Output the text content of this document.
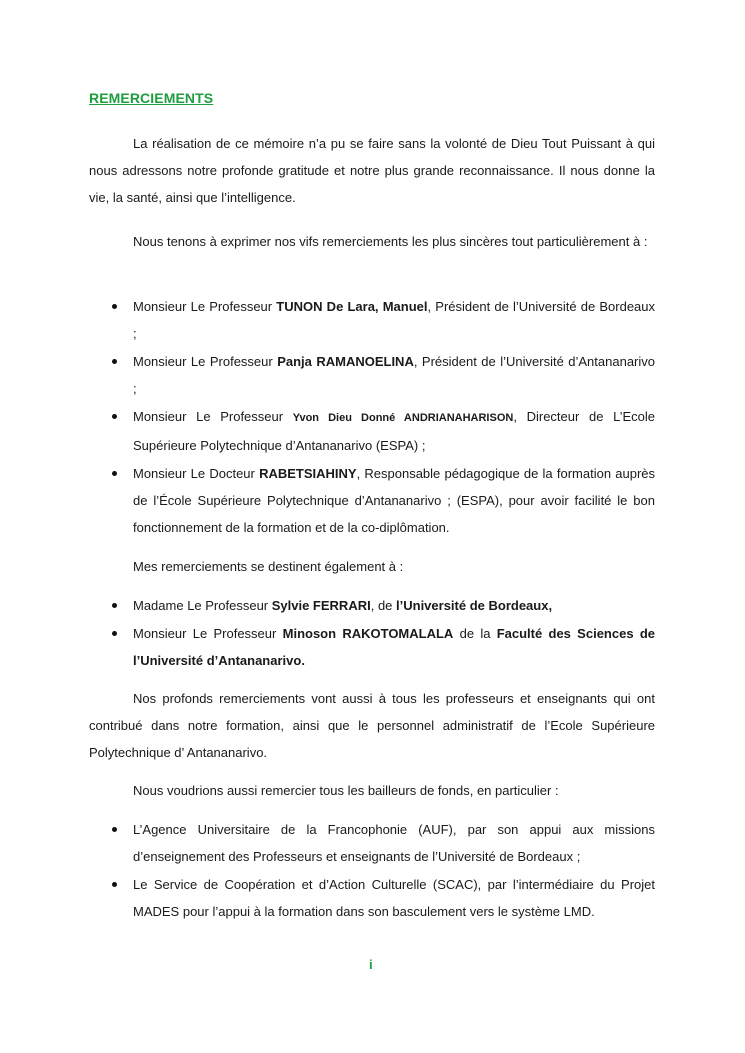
REMERCIEMENTS

La réalisation de ce mémoire n’a pu se faire sans la volonté de Dieu Tout Puissant à qui nous adressons notre profonde gratitude et notre plus grande reconnaissance. Il nous donne la vie, la santé, ainsi que l’intelligence.

Nous tenons à exprimer nos vifs remerciements les plus sincères tout particulièrement à :

Monsieur Le Professeur TUNON De Lara, Manuel, Président de l’Université de Bordeaux ;
Monsieur Le Professeur Panja RAMANOELINA, Président de l’Université d’Antananarivo ;
Monsieur Le Professeur Yvon Dieu Donné ANDRIANAHARISON, Directeur de L’Ecole Supérieure Polytechnique d’Antananarivo (ESPA) ;
Monsieur Le Docteur RABETSIAHINY, Responsable pédagogique de la formation auprès de l’École Supérieure Polytechnique d’Antananarivo ; (ESPA), pour avoir facilité le bon fonctionnement de la formation et de la co-diplômation.

Mes remerciements se destinent également à :

Madame Le Professeur Sylvie FERRARI, de l’Université de Bordeaux,
Monsieur Le Professeur Minoson RAKOTOMALALA de la Faculté des Sciences de l’Université d’Antananarivo.

Nos profonds remerciements vont aussi à tous les professeurs et enseignants qui ont contribué dans notre formation, ainsi que le personnel administratif de l’Ecole Supérieure Polytechnique d’ Antananarivo.

Nous voudrions aussi remercier tous les bailleurs de fonds, en particulier :

L’Agence Universitaire de la Francophonie (AUF), par son appui aux missions d’enseignement des Professeurs et enseignants de l’Université de Bordeaux ;
Le Service de Coopération et d’Action Culturelle (SCAC), par l’intermédiaire du Projet MADES pour l’appui à la formation dans son basculement vers le système LMD.

i
